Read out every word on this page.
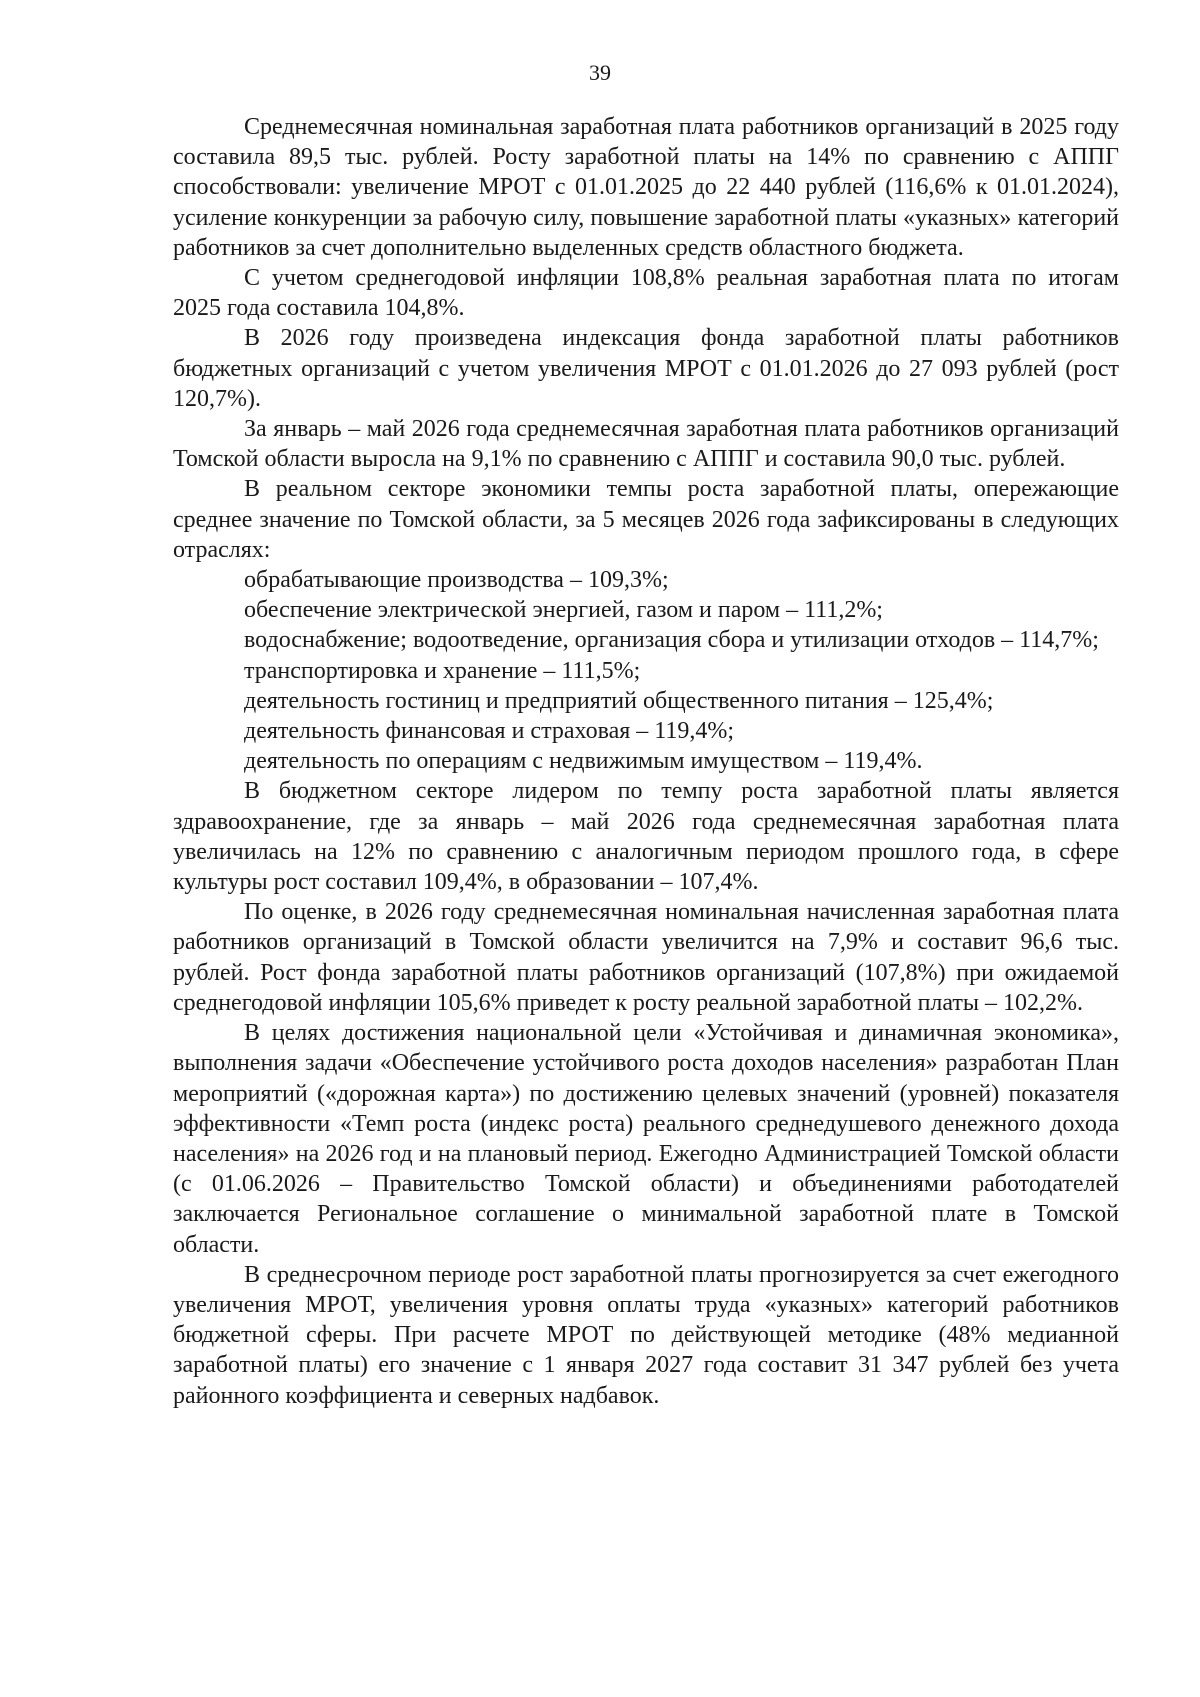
39

Среднемесячная номинальная заработная плата работников организаций в 2025 году составила 89,5 тыс. рублей. Росту заработной платы на 14% по сравнению с АППГ способствовали: увеличение МРОТ с 01.01.2025 до 22 440 рублей (116,6% к 01.01.2024), усиление конкуренции за рабочую силу, повышение заработной платы «указных» категорий работников за счет дополнительно выделенных средств областного бюджета.

С учетом среднегодовой инфляции 108,8% реальная заработная плата по итогам 2025 года составила 104,8%.

В 2026 году произведена индексация фонда заработной платы работников бюджетных организаций с учетом увеличения МРОТ с 01.01.2026 до 27 093 рублей (рост 120,7%).

За январь – май 2026 года среднемесячная заработная плата работников организаций Томской области выросла на 9,1% по сравнению с АППГ и составила 90,0 тыс. рублей.

В реальном секторе экономики темпы роста заработной платы, опережающие среднее значение по Томской области, за 5 месяцев 2026 года зафиксированы в следующих отраслях:

обрабатывающие производства – 109,3%;

обеспечение электрической энергией, газом и паром – 111,2%;

водоснабжение; водоотведение, организация сбора и утилизации отходов – 114,7%;

транспортировка и хранение – 111,5%;

деятельность гостиниц и предприятий общественного питания – 125,4%;

деятельность финансовая и страховая – 119,4%;

деятельность по операциям с недвижимым имуществом – 119,4%.

В бюджетном секторе лидером по темпу роста заработной платы является здравоохранение, где за январь – май 2026 года среднемесячная заработная плата увеличилась на 12% по сравнению с аналогичным периодом прошлого года, в сфере культуры рост составил 109,4%, в образовании – 107,4%.

По оценке, в 2026 году среднемесячная номинальная начисленная заработная плата работников организаций в Томской области увеличится на 7,9% и составит 96,6 тыс. рублей. Рост фонда заработной платы работников организаций (107,8%) при ожидаемой среднегодовой инфляции 105,6% приведет к росту реальной заработной платы – 102,2%.

В целях достижения национальной цели «Устойчивая и динамичная экономика», выполнения задачи «Обеспечение устойчивого роста доходов населения» разработан План мероприятий («дорожная карта») по достижению целевых значений (уровней) показателя эффективности «Темп роста (индекс роста) реального среднедушевого денежного дохода населения» на 2026 год и на плановый период. Ежегодно Администрацией Томской области (с 01.06.2026 – Правительство Томской области) и объединениями работодателей заключается Региональное соглашение о минимальной заработной плате в Томской области.

В среднесрочном периоде рост заработной платы прогнозируется за счет ежегодного увеличения МРОТ, увеличения уровня оплаты труда «указных» категорий работников бюджетной сферы. При расчете МРОТ по действующей методике (48% медианной заработной платы) его значение с 1 января 2027 года составит 31 347 рублей без учета районного коэффициента и северных надбавок.
